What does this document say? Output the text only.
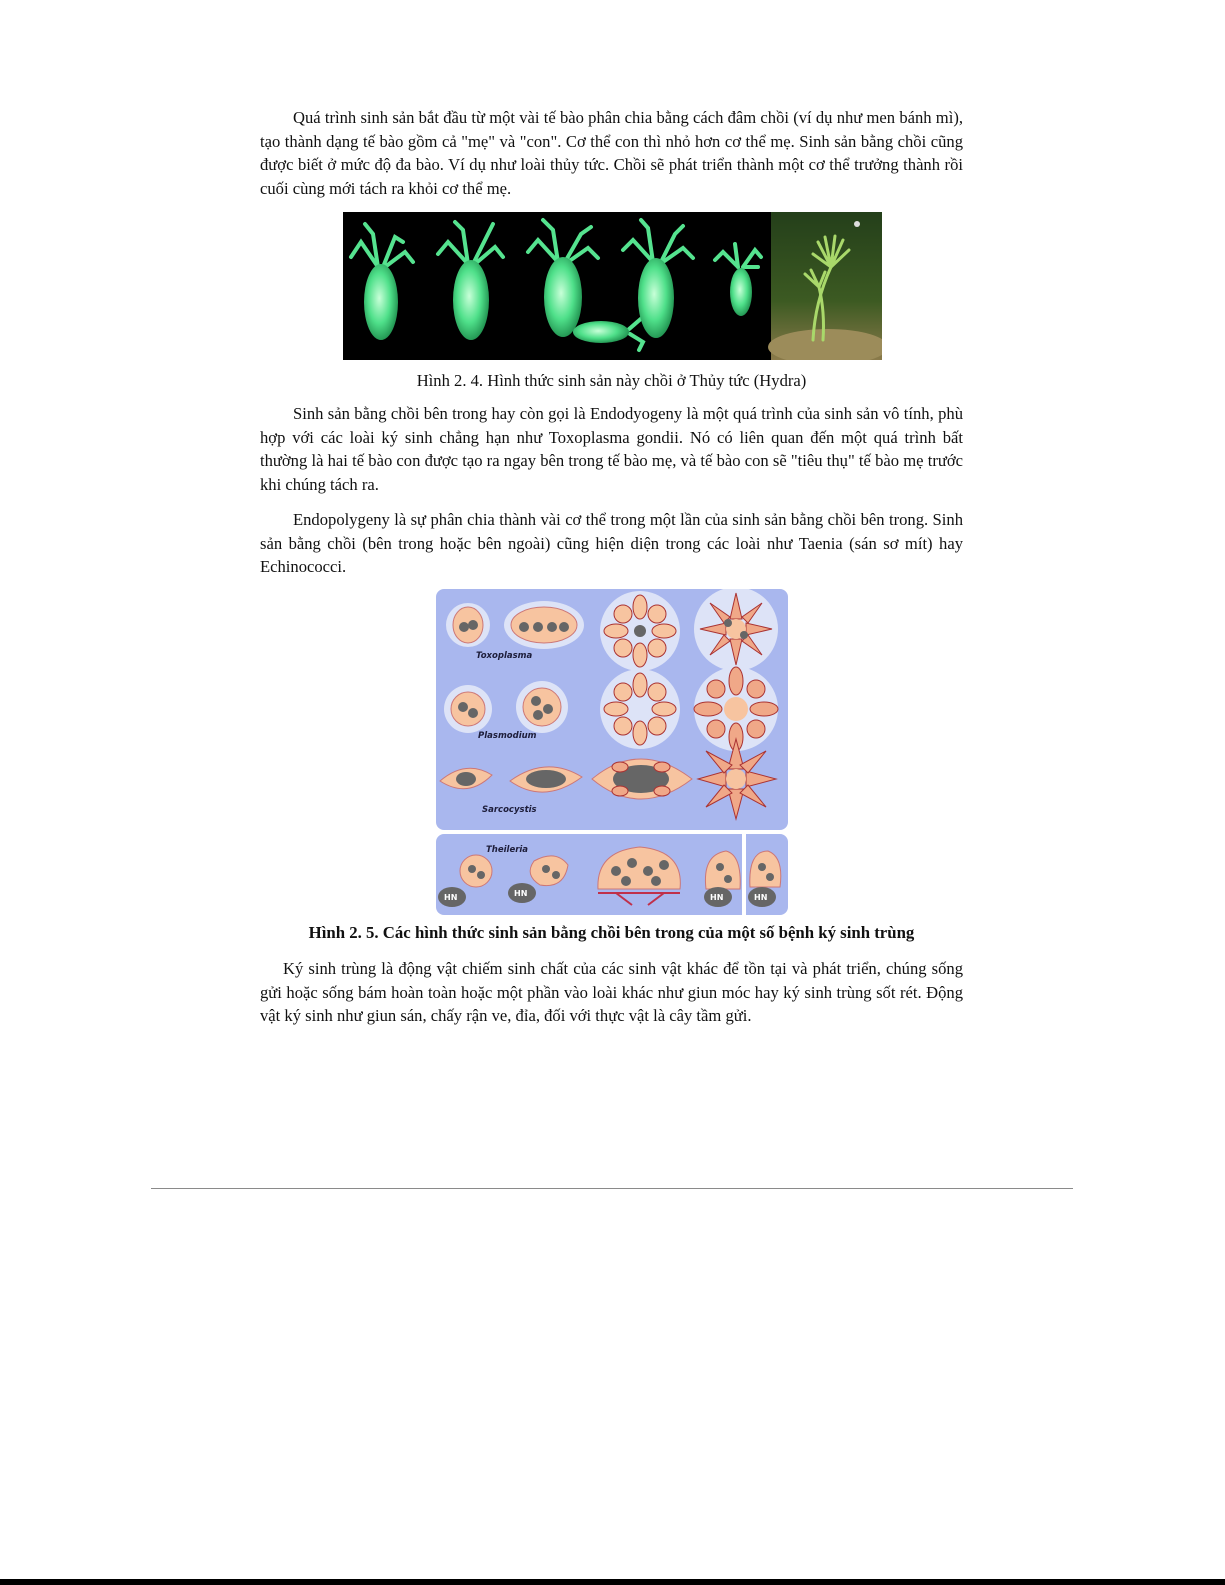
Quá trình sinh sản bắt đầu từ một vài tế bào phân chia bằng cách đâm chồi (ví dụ như men bánh mì), tạo thành dạng tế bào gồm cả "mẹ" và "con". Cơ thể con thì nhỏ hơn cơ thể mẹ. Sinh sản bằng chồi cũng được biết ở mức độ đa bào. Ví dụ như loài thủy tức. Chồi sẽ phát triển thành một cơ thể trưởng thành rồi cuối cùng mới tách ra khỏi cơ thể mẹ.

Hình 2. 4. Hình thức sinh sản này chồi ở Thủy tức (Hydra)

Sinh sản bằng chồi bên trong hay còn gọi là Endodyogeny là một quá trình của sinh sản vô tính, phù hợp với các loài ký sinh chẳng hạn như Toxoplasma gondii. Nó có liên quan đến một quá trình bất thường là hai tế bào con được tạo ra ngay bên trong tế bào mẹ, và tế bào con sẽ "tiêu thụ" tế bào mẹ trước khi chúng tách ra.

Endopolygeny là sự phân chia thành vài cơ thể trong một lần của sinh sản bằng chồi bên trong. Sinh sản bằng chồi (bên trong hoặc bên ngoài) cũng hiện diện trong các loài như Taenia (sán sơ mít) hay Echinococci.

Toxoplasma
Plasmodium
Sarcocystis
Theileria
HN	HN	HN	HN

Hình 2. 5. Các hình thức sinh sản bằng chồi bên trong của một số bệnh ký sinh trùng

Ký sinh trùng là động vật chiếm sinh chất của các sinh vật khác để tồn tại và phát triển, chúng sống gửi hoặc sống bám hoàn toàn hoặc một phần vào loài khác như giun móc hay ký sinh trùng sốt rét. Động vật ký sinh như giun sán, chấy rận ve, đỉa, đối với thực vật là cây tầm gửi.
